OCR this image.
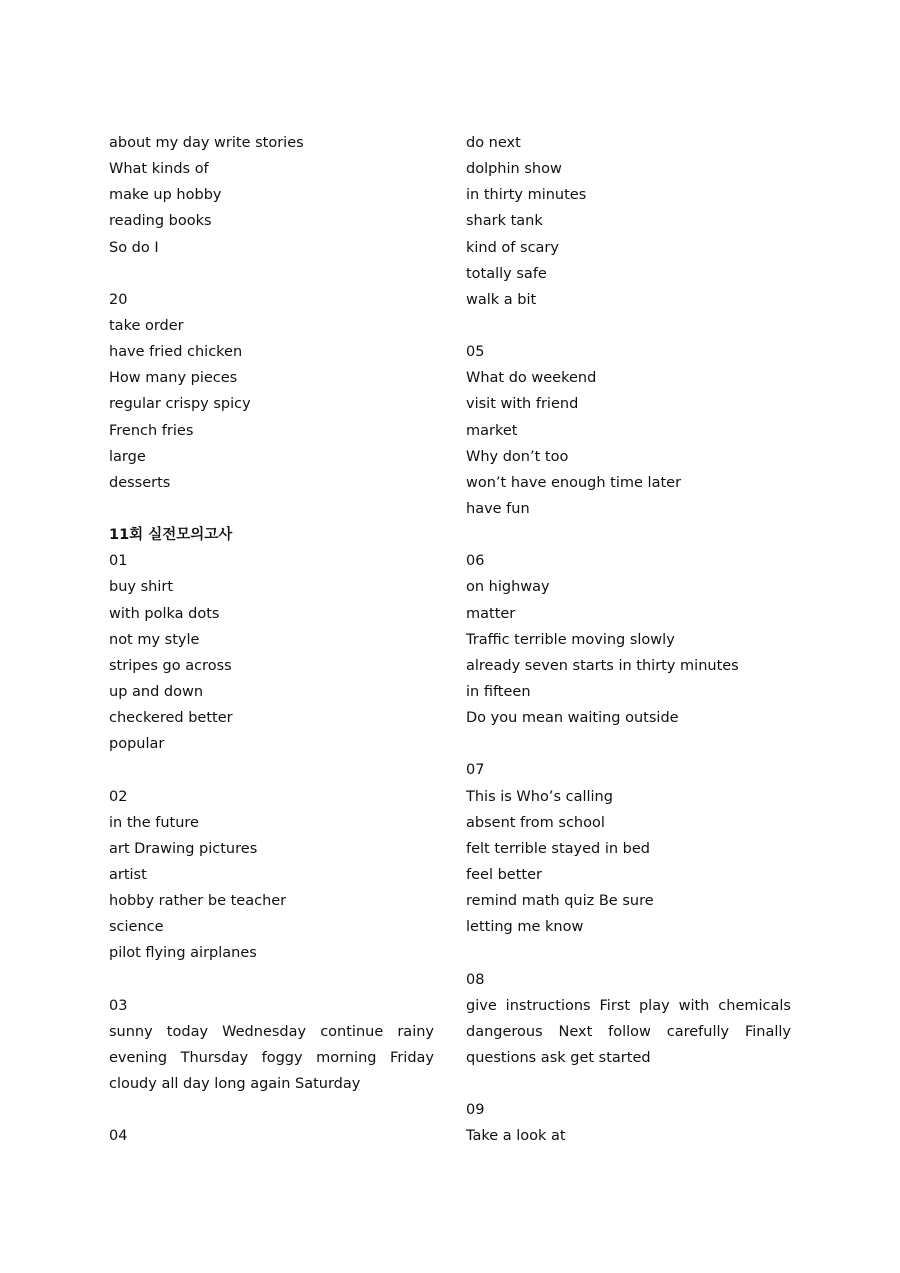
about my day write stories
What kinds of
make up hobby
reading books
So do I
20
take order
have fried chicken
How many pieces
regular crispy spicy
French fries
large
desserts
11회 실전모의고사
01
buy shirt
with polka dots
not my style
stripes go across
up and down
checkered better
popular
02
in the future
art Drawing pictures
artist
hobby rather be teacher
science
pilot flying airplanes
03
sunny today Wednesday continue rainy
evening Thursday foggy morning Friday
cloudy all day long again Saturday
04
do next
dolphin show
in thirty minutes
shark tank
kind of scary
totally safe
walk a bit
05
What do weekend
visit with friend
market
Why don’t too
won’t have enough time later
have fun
06
on highway
matter
Traffic terrible moving slowly
already seven starts in thirty minutes
in fifteen
Do you mean waiting outside
07
This is Who’s calling
absent from school
felt terrible stayed in bed
feel better
remind math quiz Be sure
letting me know
08
give instructions First play with chemicals
dangerous Next follow carefully Finally
questions ask get started
09
Take a look at
